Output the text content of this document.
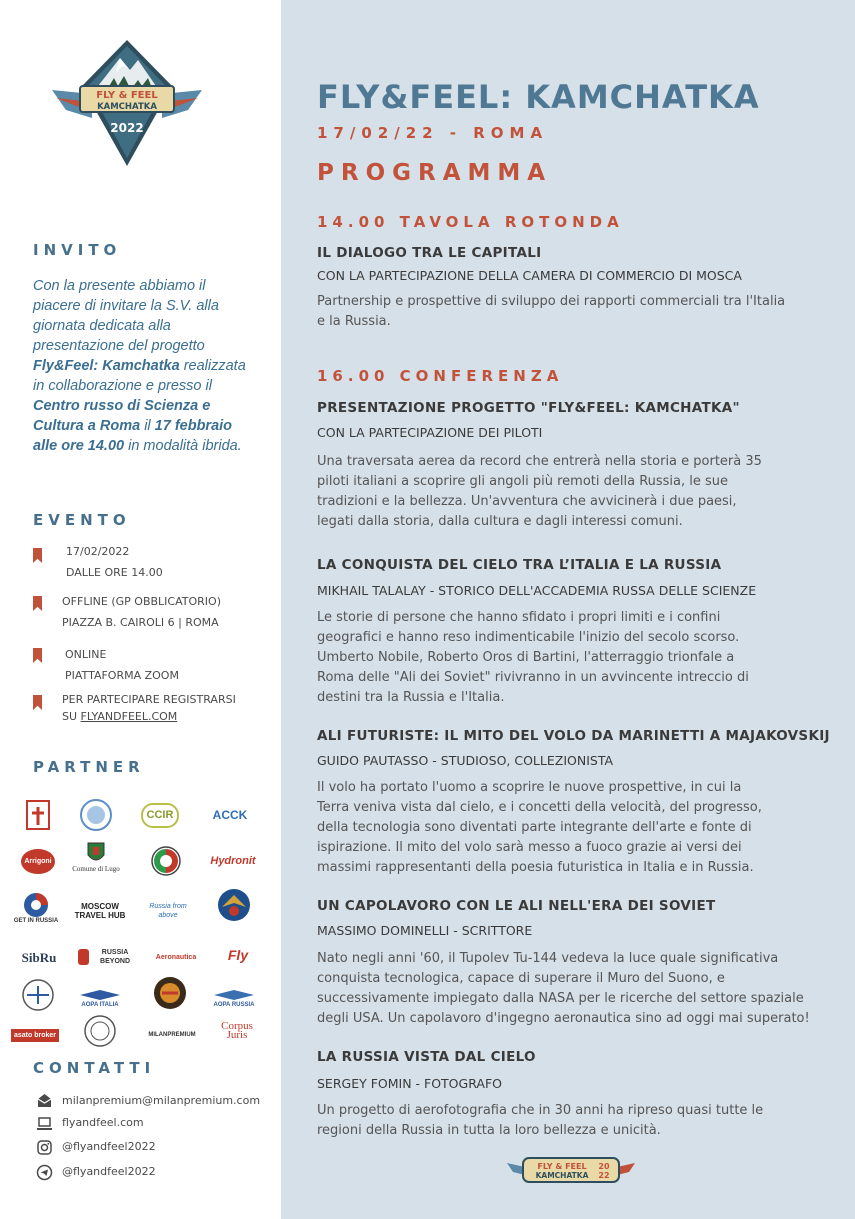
FLY & FEEL
KAMCHATKA
2022
INVITO
Con la presente abbiamo il piacere di invitare la S.V. alla giornata dedicata alla presentazione del progetto Fly&Feel: Kamchatka realizzata in collaborazione e presso il Centro russo di Scienza e Cultura a Roma il 17 febbraio alle ore 14.00 in modalità ibrida.
EVENTO
17/02/2022
DALLE ORE 14.00
OFFLINE (GP OBBLICATORIO)
PIAZZA B. CAIROLI 6 | ROMA
ONLINE
PIATTAFORMA ZOOM
PER PARTECIPARE REGISTRARSI
SU FLYANDFEEL.COM
PARTNER
CCIR	ACCK
Arrigoni
Comune di Lugo
Hydronit
GET IN RUSSIA
MOSCOW TRAVEL HUB
Russia from above
SibRu	RUSSIA BEYOND
Aeronautica	Fly
AOPA ITALIA	AOPA RUSSIA
asato broker	MILANPREMIUM
Corpus Juris
CONTATTI
milanpremium@milanpremium.com
flyandfeel.com
@flyandfeel2022
@flyandfeel2022
FLY&FEEL: KAMCHATKA
17/02/22 - ROMA
PROGRAMMA
14.00 TAVOLA ROTONDA
IL DIALOGO TRA LE CAPITALI
CON LA PARTECIPAZIONE DELLA CAMERA DI COMMERCIO DI MOSCA
Partnership e prospettive di sviluppo dei rapporti commerciali tra l'Italia
e la Russia.
16.00 CONFERENZA
PRESENTAZIONE PROGETTO "FLY&FEEL: KAMCHATKA"
CON LA PARTECIPAZIONE DEI PILOTI
Una traversata aerea da record che entrerà nella storia e porterà 35
piloti italiani a scoprire gli angoli più remoti della Russia, le sue
tradizioni e la bellezza. Un'avventura che avvicinerà i due paesi,
legati dalla storia, dalla cultura e dagli interessi comuni.
LA CONQUISTA DEL CIELO TRA L’ITALIA E LA RUSSIA
MIKHAIL TALALAY - STORICO DELL'ACCADEMIA RUSSA DELLE SCIENZE
Le storie di persone che hanno sfidato i propri limiti e i confini
geografici e hanno reso indimenticabile l'inizio del secolo scorso.
Umberto Nobile, Roberto Oros di Bartini, l'atterraggio trionfale a
Roma delle "Ali dei Soviet" rivivranno in un avvincente intreccio di
destini tra la Russia e l'Italia.
ALI FUTURISTE: IL MITO DEL VOLO DA MARINETTI A MAJAKOVSKIJ
GUIDO PAUTASSO - STUDIOSO, COLLEZIONISTA
Il volo ha portato l'uomo a scoprire le nuove prospettive, in cui la
Terra veniva vista dal cielo, e i concetti della velocità, del progresso,
della tecnologia sono diventati parte integrante dell'arte e fonte di
ispirazione. Il mito del volo sarà messo a fuoco grazie ai versi dei
massimi rappresentanti della poesia futuristica in Italia e in Russia.
UN CAPOLAVORO CON LE ALI NELL'ERA DEI SOVIET
MASSIMO DOMINELLI - SCRITTORE
Nato negli anni '60, il Tupolev Tu-144 vedeva la luce quale significativa
conquista tecnologica, capace di superare il Muro del Suono, e
successivamente impiegato dalla NASA per le ricerche del settore spaziale
degli USA. Un capolavoro d'ingegno aeronautica sino ad oggi mai superato!
LA RUSSIA VISTA DAL CIELO
SERGEY FOMIN - FOTOGRAFO
Un progetto di aerofotografia che in 30 anni ha ripreso quasi tutte le
regioni della Russia in tutta la loro bellezza e unicità.
FLY & FEEL
KAMCHATKA
20
22
